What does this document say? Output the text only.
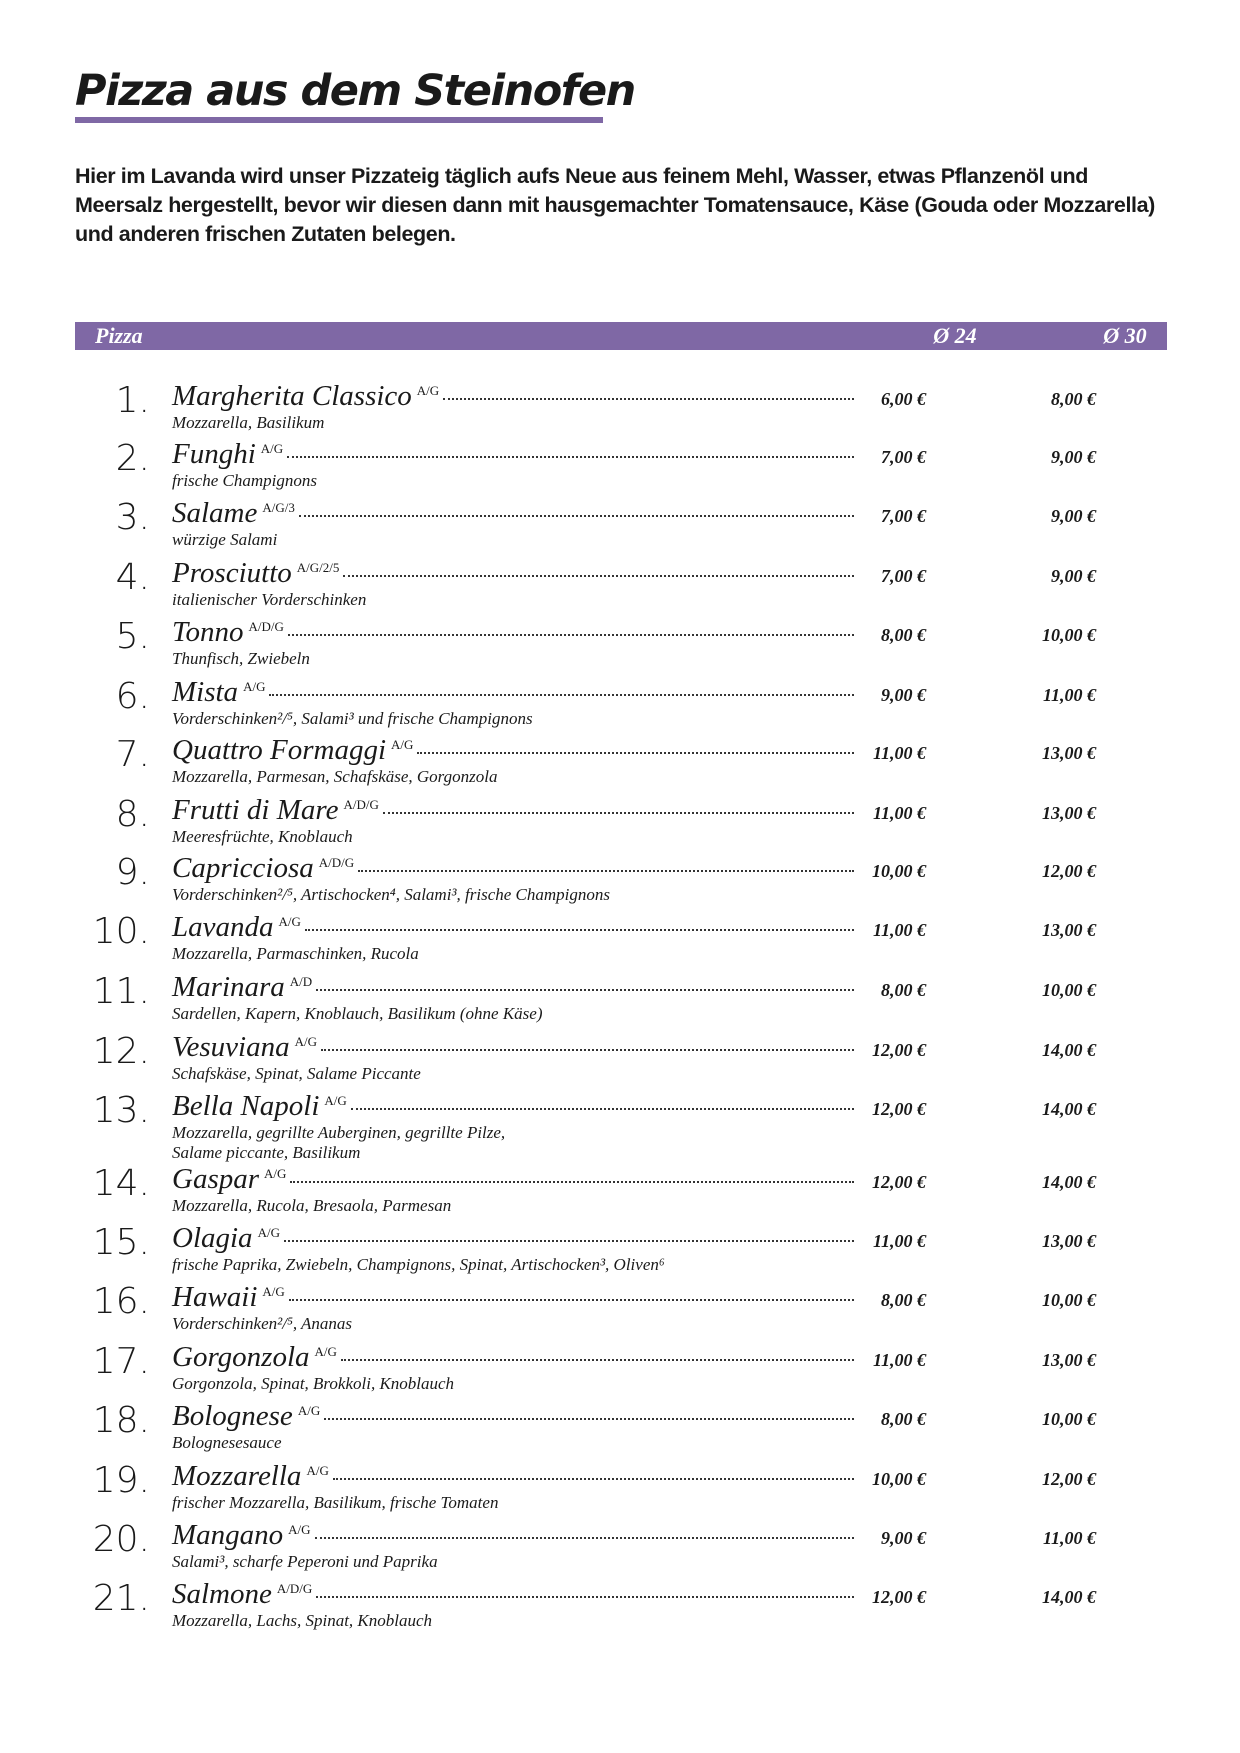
Pizza aus dem Steinofen

Hier im Lavanda wird unser Pizzateig täglich aufs Neue aus feinem Mehl, Wasser, etwas Pflanzenöl und Meersalz hergestellt, bevor wir diesen dann mit hausgemachter Tomatensauce, Käse (Gouda oder Mozzarella) und anderen frischen Zutaten belegen.

Pizza	Ø 24	Ø 30
1. Margherita Classico A/G	6,00 €	8,00 €
Mozzarella, Basilikum
2. Funghi A/G	7,00 €	9,00 €
frische Champignons
3. Salame A/G/3	7,00 €	9,00 €
würzige Salami
4. Prosciutto A/G/2/5	7,00 €	9,00 €
italienischer Vorderschinken
5. Tonno A/D/G	8,00 €	10,00 €
Thunfisch, Zwiebeln
6. Mista A/G	9,00 €	11,00 €
Vorderschinken²/⁵, Salami³ und frische Champignons
7. Quattro Formaggi A/G	11,00 €	13,00 €
Mozzarella, Parmesan, Schafskäse, Gorgonzola
8. Frutti di Mare A/D/G	11,00 €	13,00 €
Meeresfrüchte, Knoblauch
9. Capricciosa A/D/G	10,00 €	12,00 €
Vorderschinken²/⁵, Artischocken⁴, Salami³, frische Champignons
10. Lavanda A/G	11,00 €	13,00 €
Mozzarella, Parmaschinken, Rucola
11. Marinara A/D	8,00 €	10,00 €
Sardellen, Kapern, Knoblauch, Basilikum (ohne Käse)
12. Vesuviana A/G	12,00 €	14,00 €
Schafskäse, Spinat, Salame Piccante
13. Bella Napoli A/G	12,00 €	14,00 €
Mozzarella, gegrillte Auberginen, gegrillte Pilze,
Salame piccante, Basilikum
14. Gaspar A/G	12,00 €	14,00 €
Mozzarella, Rucola, Bresaola, Parmesan
15. Olagia A/G	11,00 €	13,00 €
frische Paprika, Zwiebeln, Champignons, Spinat, Artischocken³, Oliven⁶
16. Hawaii A/G	8,00 €	10,00 €
Vorderschinken²/⁵, Ananas
17. Gorgonzola A/G	11,00 €	13,00 €
Gorgonzola, Spinat, Brokkoli, Knoblauch
18. Bolognese A/G	8,00 €	10,00 €
Bolognesesauce
19. Mozzarella A/G	10,00 €	12,00 €
frischer Mozzarella, Basilikum, frische Tomaten
20. Mangano A/G	9,00 €	11,00 €
Salami³, scharfe Peperoni und Paprika
21. Salmone A/D/G	12,00 €	14,00 €
Mozzarella, Lachs, Spinat, Knoblauch
